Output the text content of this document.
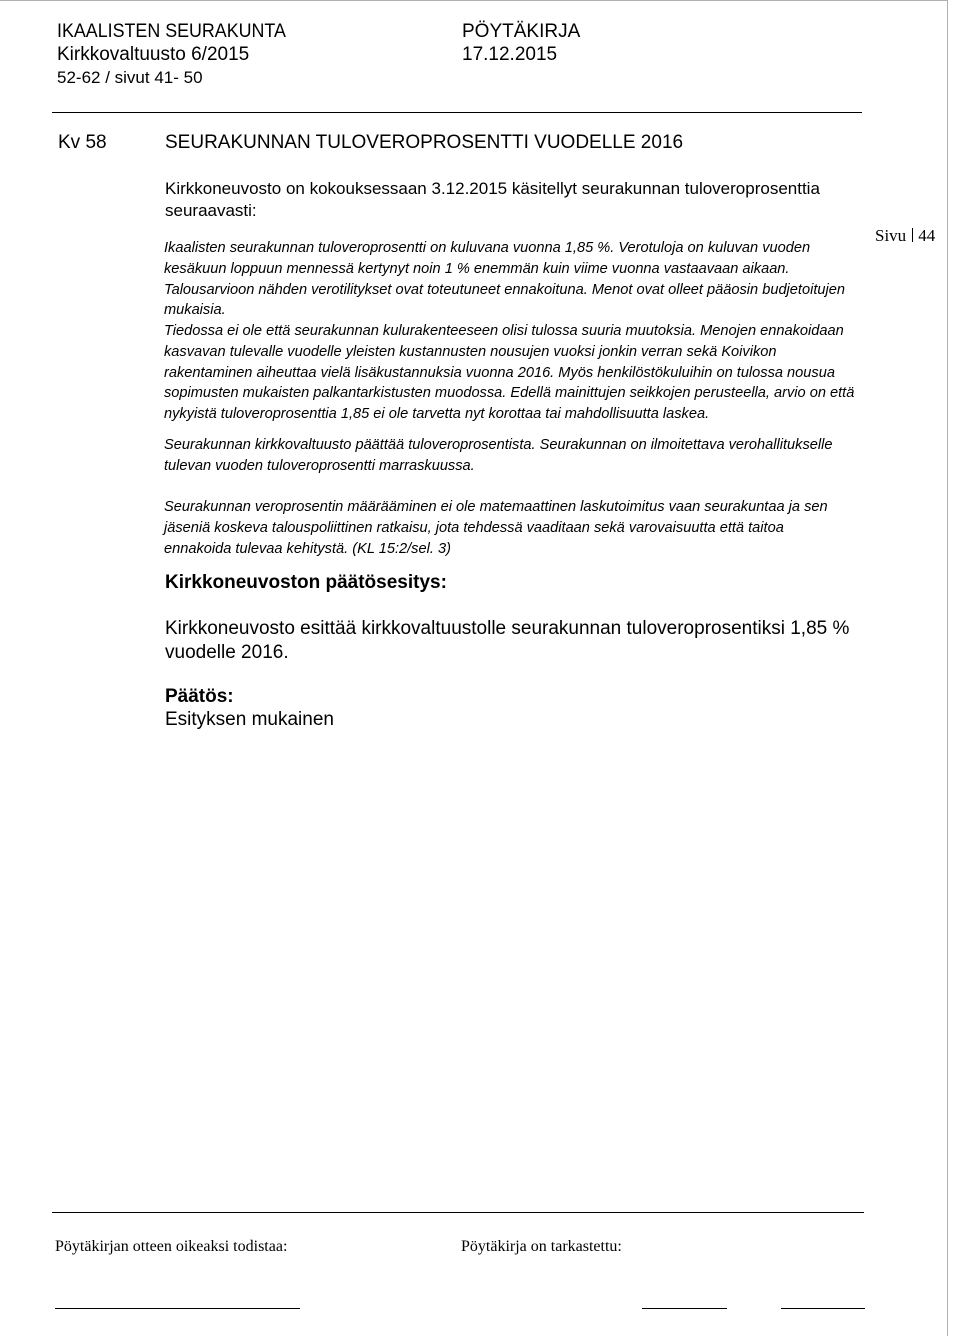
IKAALISTEN SEURAKUNTA	PÖYTÄKIRJA
Kirkkovaltuusto 6/2015	17.12.2015
52-62 / sivut 41- 50
Sivu 44
Kv 58	SEURAKUNNAN TULOVEROPROSENTTI VUODELLE 2016
Kirkkoneuvosto on kokouksessaan 3.12.2015 käsitellyt seurakunnan tuloveroprosenttia seuraavasti:
Ikaalisten seurakunnan tuloveroprosentti on kuluvana vuonna 1,85 %. Verotuloja on kuluvan vuoden kesäkuun loppuun mennessä kertynyt noin 1 % enemmän kuin viime vuonna vastaavaan aikaan. Talousarvioon nähden verotilitykset ovat toteutuneet ennakoituna. Menot ovat olleet pääosin budjetoitujen mukaisia.
Tiedossa ei ole että seurakunnan kulurakenteeseen olisi tulossa suuria muutoksia. Menojen ennakoidaan kasvavan tulevalle vuodelle yleisten kustannusten nousujen vuoksi jonkin verran sekä Koivikon rakentaminen aiheuttaa vielä lisäkustannuksia vuonna 2016. Myös henkilöstökuluihin on tulossa nousua sopimusten mukaisten palkantarkistusten muodossa. Edellä mainittujen seikkojen perusteella, arvio on että nykyistä tuloveroprosenttia 1,85 ei ole tarvetta nyt korottaa tai mahdollisuutta laskea.
Seurakunnan kirkkovaltuusto päättää tuloveroprosentista. Seurakunnan on ilmoitettava verohallitukselle tulevan vuoden tuloveroprosentti marraskuussa.
Seurakunnan veroprosentin määrääminen ei ole matemaattinen laskutoimitus vaan seurakuntaa ja sen jäseniä koskeva talouspoliittinen ratkaisu, jota tehdessä vaaditaan sekä varovaisuutta että taitoa ennakoida tulevaa kehitystä. (KL 15:2/sel. 3)
Kirkkoneuvoston päätösesitys:
Kirkkoneuvosto esittää kirkkovaltuustolle seurakunnan tuloveroprosentiksi 1,85 % vuodelle 2016.
Päätös:
Esityksen mukainen
Pöytäkirjan otteen oikeaksi todistaa:	Pöytäkirja on tarkastettu:
